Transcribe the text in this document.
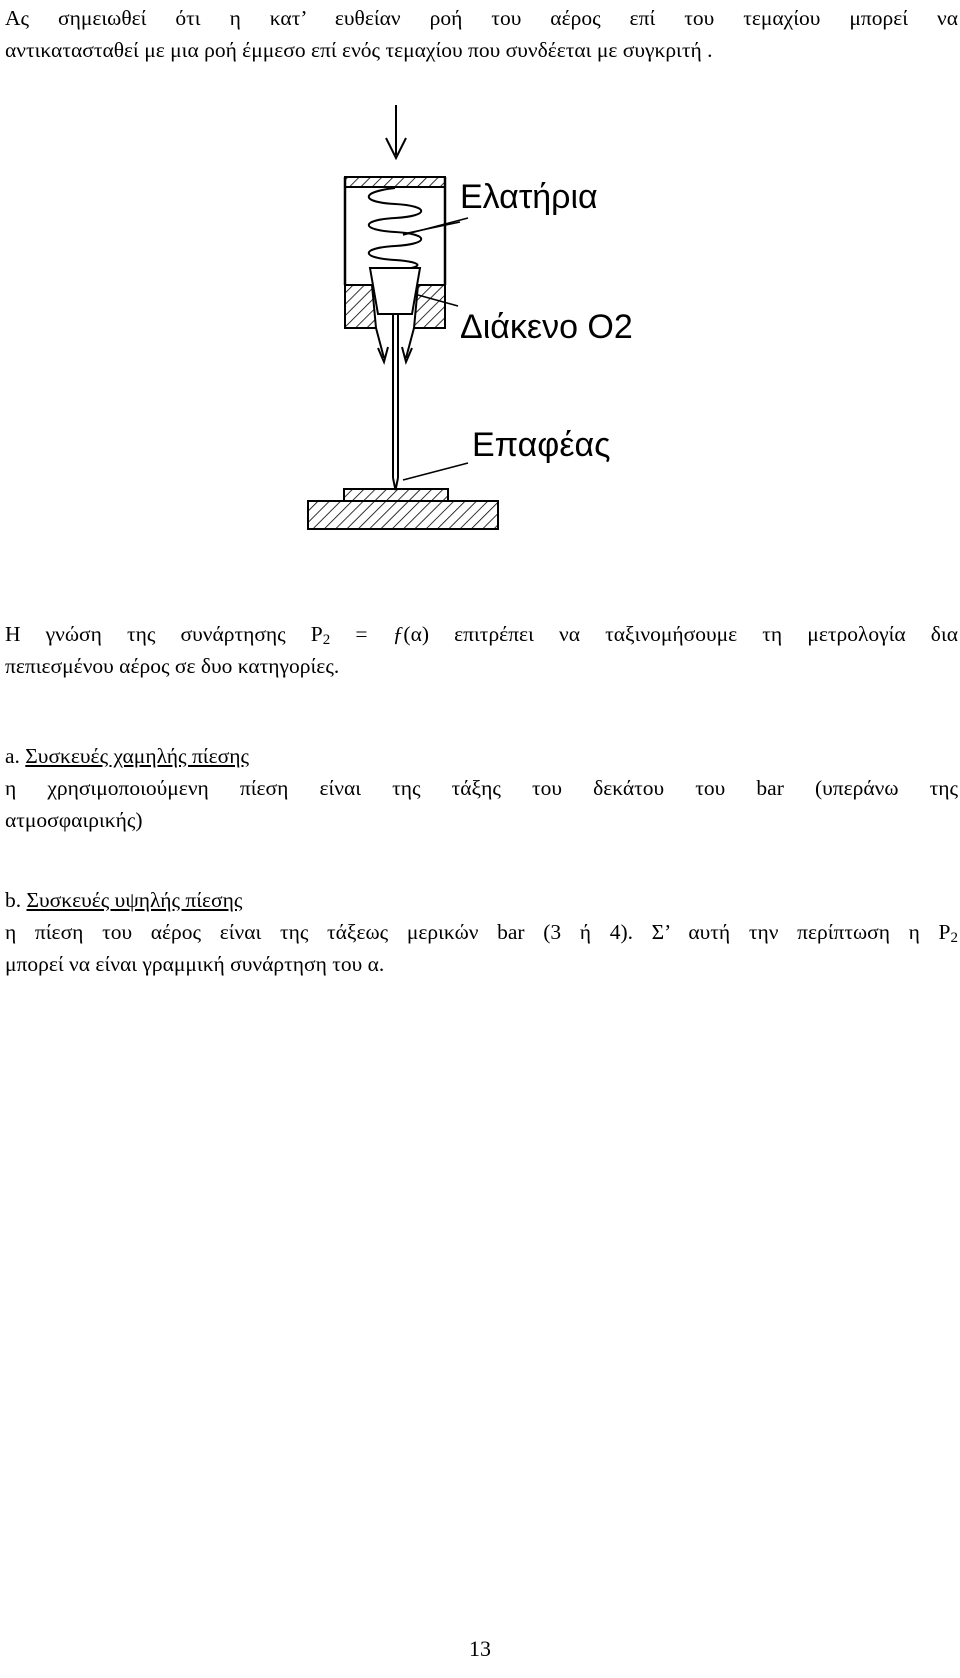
Ας σημειωθεί ότι η κατ’ ευθείαν ροή του αέρος επί του τεμαχίου μπορεί να
αντικατασταθεί με μια ροή έμμεσο επί ενός τεμαχίου που συνδέεται με συγκριτή .
Ελατήρια
Διάκενο O2
Επαφέας
Η γνώση της συνάρτησης $P_2$ = ƒ(α) επιτρέπει να ταξινομήσουμε τη μετρολογία δια
πεπιεσμένου αέρος σε δυο κατηγορίες.
a. Συσκευές χαμηλής πίεσης
η χρησιμοποιούμενη πίεση είναι της τάξης του δεκάτου του bar (υπεράνω της
ατμοσφαιρικής)
b. Συσκευές υψηλής πίεσης
η πίεση του αέρος είναι της τάξεως μερικών bar (3 ή 4). Σ’ αυτή την περίπτωση η $P_2$
μπορεί να είναι γραμμική συνάρτηση του α.
13
